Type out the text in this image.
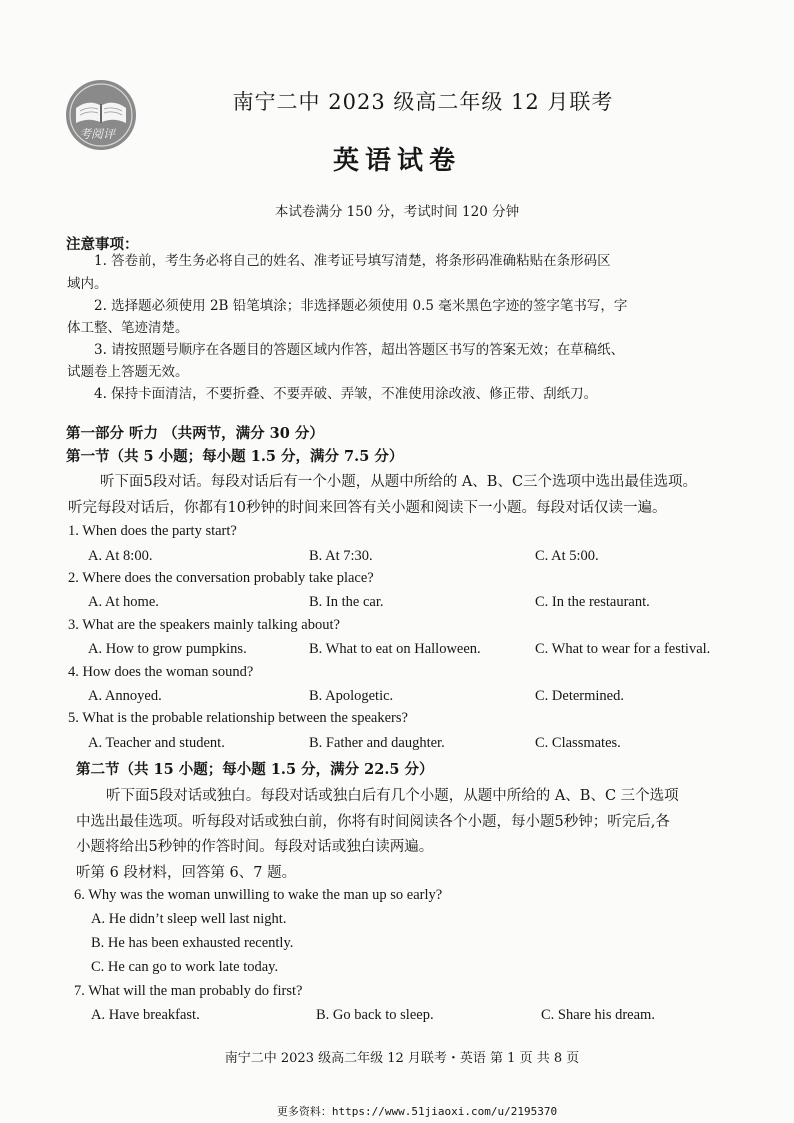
考阅评

南宁二中 2023 级高二年级 12 月联考

英语试卷

本试卷满分 150 分，考试时间 120 分钟

注意事项：

1. 答卷前，考生务必将自己的姓名、准考证号填写清楚，将条形码准确粘贴在条形码区

域内。

2. 选择题必须使用 2B 铅笔填涂；非选择题必须使用 0.5 毫米黑色字迹的签字笔书写，字

体工整、笔迹清楚。

3. 请按照题号顺序在各题目的答题区域内作答，超出答题区书写的答案无效；在草稿纸、

试题卷上答题无效。

4. 保持卡面清洁，不要折叠、不要弄破、弄皱，不准使用涂改液、修正带、刮纸刀。

第一部分 听力 （共两节，满分 30 分）

第一节（共 5 小题；每小题 1.5 分，满分 7.5 分）

听下面5段对话。每段对话后有一个小题，从题中所给的 A、B、C三个选项中选出最佳选项。

听完每段对话后，你都有10秒钟的时间来回答有关小题和阅读下一小题。每段对话仅读一遍。

1. When does the party start?

A. At 8:00.	B. At 7:30.	C. At 5:00.

2. Where does the conversation probably take place?

A. At home.	B. In the car.	C. In the restaurant.

3. What are the speakers mainly talking about?

A. How to grow pumpkins.	B. What to eat on Halloween.	C. What to wear for a festival.

4. How does the woman sound?

A. Annoyed.	B. Apologetic.	C. Determined.

5. What is the probable relationship between the speakers?

A. Teacher and student.	B. Father and daughter.	C. Classmates.

第二节（共 15 小题；每小题 1.5 分，满分 22.5 分）

听下面5段对话或独白。每段对话或独白后有几个小题，从题中所给的 A、B、C 三个选项

中选出最佳选项。听每段对话或独白前，你将有时间阅读各个小题，每小题5秒钟；听完后,各

小题将给出5秒钟的作答时间。每段对话或独白读两遍。

听第 6 段材料，回答第 6、7 题。

6. Why was the woman unwilling to wake the man up so early?

A. He didn’t sleep well last night.

B. He has been exhausted recently.

C. He can go to work late today.

7. What will the man probably do first?

A. Have breakfast.	B. Go back to sleep.	C. Share his dream.

南宁二中 2023 级高二年级 12 月联考・英语 第 1 页 共 8 页

更多资料：https://www.51jiaoxi.com/u/2195370
